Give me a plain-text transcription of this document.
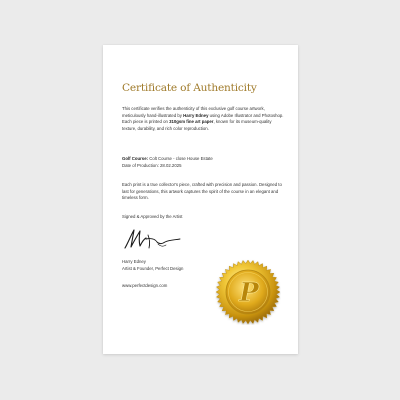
Certificate of Authenticity

This certificate verifies the authenticity of this exclusive golf course artwork, meticulously hand-illustrated by Harry Edney using Adobe Illustrator and Photoshop. Each piece is printed on 310gsm fine art paper, known for its museum-quality texture, durability, and rich color reproduction.

Golf Course: Colt Course - close House Estate
Date of Production: 28.02.2025

Each print is a true collector's piece, crafted with precision and passion. Designed to last for generations, this artwork captures the spirit of the course in an elegant and timeless form.

Signed & Approved by the Artist

Harry Edney
Artist & Founder, Perfect Design

www.perfectdesign.com	P
